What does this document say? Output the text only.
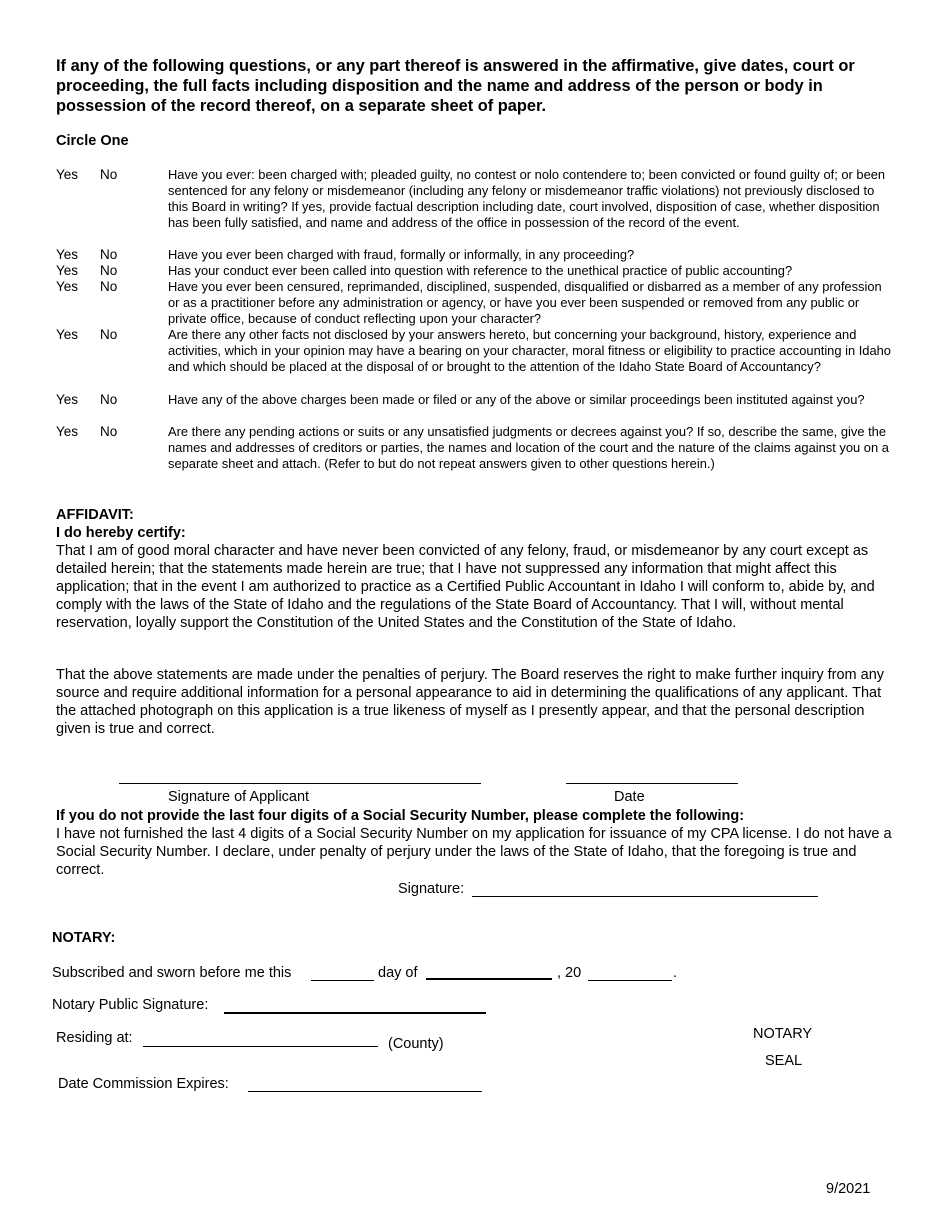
If any of the following questions, or any part thereof is answered in the affirmative, give dates, court or proceeding, the full facts including disposition and the name and address of the person or body in possession of the record thereof, on a separate sheet of paper.
Circle One
Yes No	Have you ever: been charged with; pleaded guilty, no contest or nolo contendere to; been convicted or found guilty of; or been sentenced for any felony or misdemeanor (including any felony or misdemeanor traffic violations) not previously disclosed to this Board in writing? If yes, provide factual description including date, court involved, disposition of case, whether disposition has been fully satisfied, and name and address of the office in possession of the record of the event.
Yes No	Have you ever been charged with fraud, formally or informally, in any proceeding?
Yes No	Has your conduct ever been called into question with reference to the unethical practice of public accounting?
Yes No	Have you ever been censured, reprimanded, disciplined, suspended, disqualified or disbarred as a member of any profession or as a practitioner before any administration or agency, or have you ever been suspended or removed from any public or private office, because of conduct reflecting upon your character?
Yes No	Are there any other facts not disclosed by your answers hereto, but concerning your background, history, experience and activities, which in your opinion may have a bearing on your character, moral fitness or eligibility to practice accounting in Idaho and which should be placed at the disposal of or brought to the attention of the Idaho State Board of Accountancy?
Yes No	Have any of the above charges been made or filed or any of the above or similar proceedings been instituted against you?
Yes No	Are there any pending actions or suits or any unsatisfied judgments or decrees against you? If so, describe the same, give the names and addresses of creditors or parties, the names and location of the court and the nature of the claims against you on a separate sheet and attach. (Refer to but do not repeat answers given to other questions herein.)
AFFIDAVIT:
I do hereby certify:
That I am of good moral character and have never been convicted of any felony, fraud, or misdemeanor by any court except as detailed herein; that the statements made herein are true; that I have not suppressed any information that might affect this application; that in the event I am authorized to practice as a Certified Public Accountant in Idaho I will conform to, abide by, and comply with the laws of the State of Idaho and the regulations of the State Board of Accountancy. That I will, without mental reservation, loyally support the Constitution of the United States and the Constitution of the State of Idaho.
That the above statements are made under the penalties of perjury. The Board reserves the right to make further inquiry from any source and require additional information for a personal appearance to aid in determining the qualifications of any applicant. That the attached photograph on this application is a true likeness of myself as I presently appear, and that the personal description given is true and correct.
Signature of Applicant	Date
If you do not provide the last four digits of a Social Security Number, please complete the following:
I have not furnished the last 4 digits of a Social Security Number on my application for issuance of my CPA license. I do not have a Social Security Number. I declare, under penalty of perjury under the laws of the State of Idaho, that the foregoing is true and correct.
Signature:
NOTARY:
Subscribed and sworn before me this	day of	, 20	.
Notary Public Signature:
Residing at:	(County)
Date Commission Expires:
NOTARY
SEAL
9/2021
